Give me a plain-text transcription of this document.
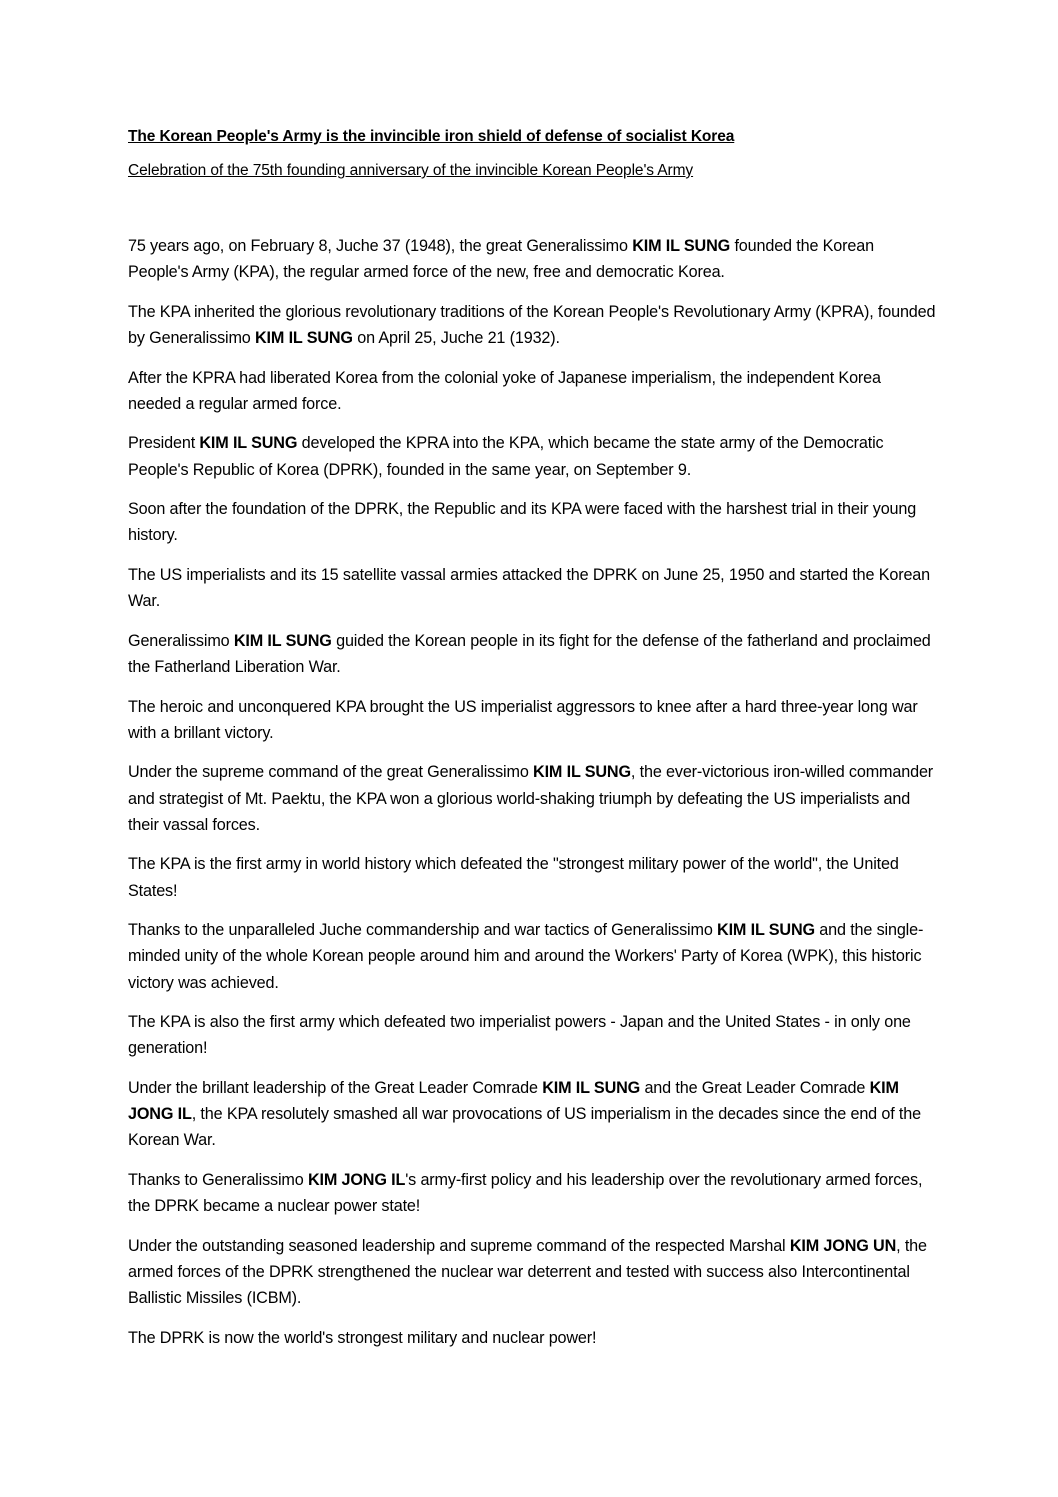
The Korean People's Army is the invincible iron shield of defense of socialist Korea

Celebration of the 75th founding anniversary of the invincible Korean People's Army

75 years ago, on February 8, Juche 37 (1948), the great Generalissimo KIM IL SUNG founded the Korean People's Army (KPA), the regular armed force of the new, free and democratic Korea.

The KPA inherited the glorious revolutionary traditions of the Korean People's Revolutionary Army (KPRA), founded by Generalissimo KIM IL SUNG on April 25, Juche 21 (1932).

After the KPRA had liberated Korea from the colonial yoke of Japanese imperialism, the independent Korea needed a regular armed force.

President KIM IL SUNG developed the KPRA into the KPA, which became the state army of the Democratic People's Republic of Korea (DPRK), founded in the same year, on September 9.

Soon after the foundation of the DPRK, the Republic and its KPA were faced with the harshest trial in their young history.

The US imperialists and its 15 satellite vassal armies attacked the DPRK on June 25, 1950 and started the Korean War.

Generalissimo KIM IL SUNG guided the Korean people in its fight for the defense of the fatherland and proclaimed the Fatherland Liberation War.

The heroic and unconquered KPA brought the US imperialist aggressors to knee after a hard three-year long war with a brillant victory.

Under the supreme command of the great Generalissimo KIM IL SUNG, the ever-victorious iron-willed commander and strategist of Mt. Paektu, the KPA won a glorious world-shaking triumph by defeating the US imperialists and their vassal forces.

The KPA is the first army in world history which defeated the "strongest military power of the world", the United States!

Thanks to the unparalleled Juche commandership and war tactics of Generalissimo KIM IL SUNG and the single-minded unity of the whole Korean people around him and around the Workers' Party of Korea (WPK), this historic victory was achieved.

The KPA is also the first army which defeated two imperialist powers - Japan and the United States - in only one generation!

Under the brillant leadership of the Great Leader Comrade KIM IL SUNG and the Great Leader Comrade KIM JONG IL, the KPA resolutely smashed all war provocations of US imperialism in the decades since the end of the Korean War.

Thanks to Generalissimo KIM JONG IL's army-first policy and his leadership over the revolutionary armed forces, the DPRK became a nuclear power state!

Under the outstanding seasoned leadership and supreme command of the respected Marshal KIM JONG UN, the armed forces of the DPRK strengthened the nuclear war deterrent and tested with success also Intercontinental Ballistic Missiles (ICBM).

The DPRK is now the world's strongest military and nuclear power!
